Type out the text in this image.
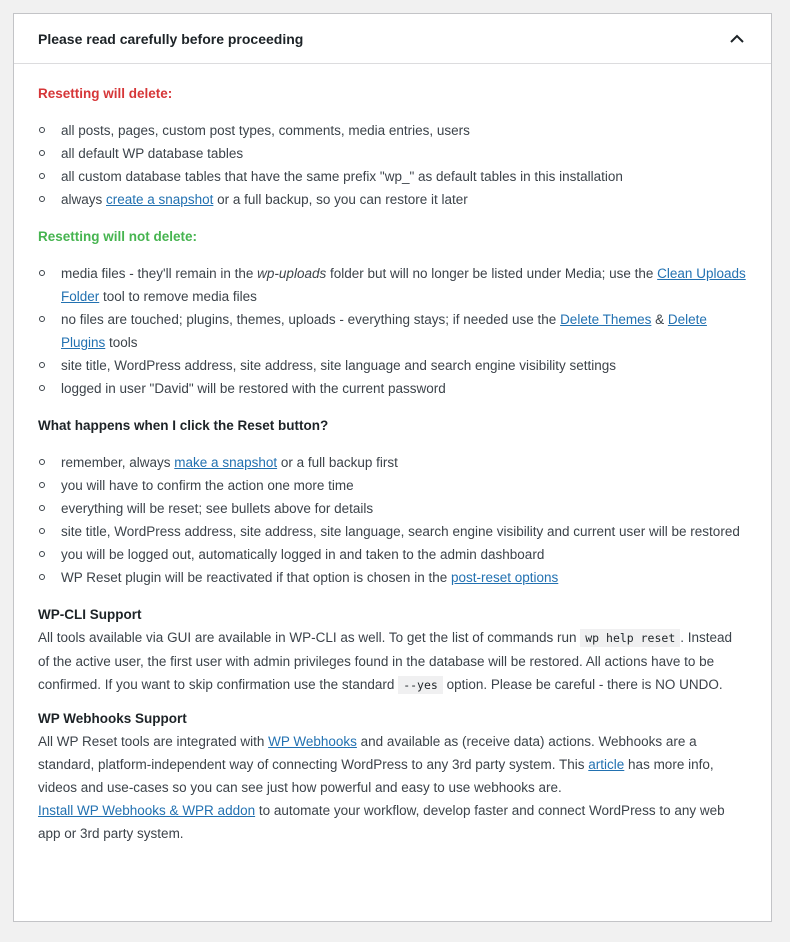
Please read carefully before proceeding

Resetting will delete:

all posts, pages, custom post types, comments, media entries, users
all default WP database tables
all custom database tables that have the same prefix "wp_" as default tables in this installation
always create a snapshot or a full backup, so you can restore it later

Resetting will not delete:

media files - they'll remain in the wp-uploads folder but will no longer be listed under Media; use the Clean Uploads Folder tool to remove media files
no files are touched; plugins, themes, uploads - everything stays; if needed use the Delete Themes & Delete Plugins tools
site title, WordPress address, site address, site language and search engine visibility settings
logged in user "David" will be restored with the current password

What happens when I click the Reset button?

remember, always make a snapshot or a full backup first
you will have to confirm the action one more time
everything will be reset; see bullets above for details
site title, WordPress address, site address, site language, search engine visibility and current user will be restored
you will be logged out, automatically logged in and taken to the admin dashboard
WP Reset plugin will be reactivated if that option is chosen in the post-reset options

WP-CLI Support

All tools available via GUI are available in WP-CLI as well. To get the list of commands run wp help reset . Instead of the active user, the first user with admin privileges found in the database will be restored. All actions have to be confirmed. If you want to skip confirmation use the standard --yes option. Please be careful - there is NO UNDO.

WP Webhooks Support

All WP Reset tools are integrated with WP Webhooks and available as (receive data) actions. Webhooks are a standard, platform-independent way of connecting WordPress to any 3rd party system. This article has more info, videos and use-cases so you can see just how powerful and easy to use webhooks are.
Install WP Webhooks & WPR addon to automate your workflow, develop faster and connect WordPress to any web app or 3rd party system.
